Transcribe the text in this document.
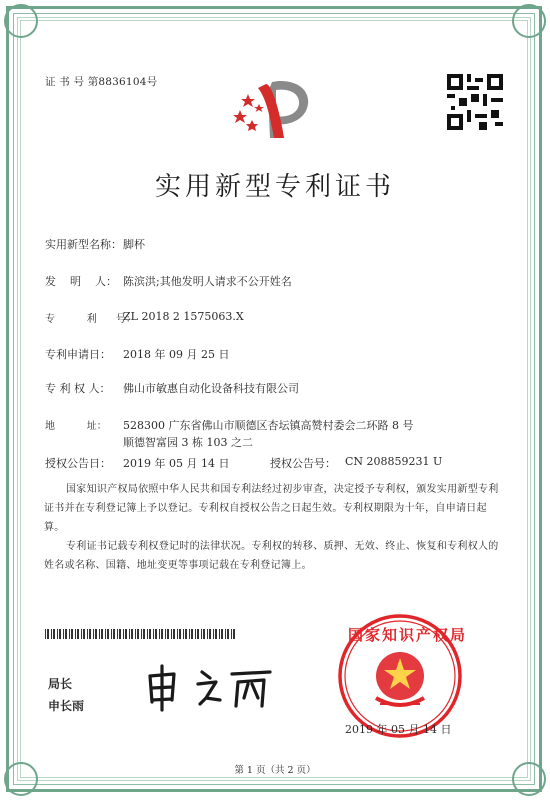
证 书 号 第8836104号
实用新型专利证书
实用新型名称： 脚杯
发    明    人： 陈滨洪;其他发明人请求不公开姓名
专          利      号：
ZL 2018 2 1575063.X
专利申请日： 2018 年 09 月 25 日
专 利 权 人： 佛山市敏惠自动化设备科技有限公司
地          址： 528300 广东省佛山市顺德区杏坛镇高赞村委会二环路 8 号
顺德智富园 3 栋 103 之二
授权公告日： 2019 年 05 月 14 日	授权公告号： CN 208859231 U
国家知识产权局依照中华人民共和国专利法经过初步审查，决定授予专利权，颁发实用新型专利证书并在专利登记簿上予以登记。专利权自授权公告之日起生效。专利权期限为十年，自申请日起算。
专利证书记载专利权登记时的法律状况。专利权的转移、质押、无效、终止、恢复和专利权人的姓名或名称、国籍、地址变更等事项记载在专利登记簿上。
局长
申长雨
国家知识产权局
2019 年 05 月 14 日
第 1 页（共 2 页）
